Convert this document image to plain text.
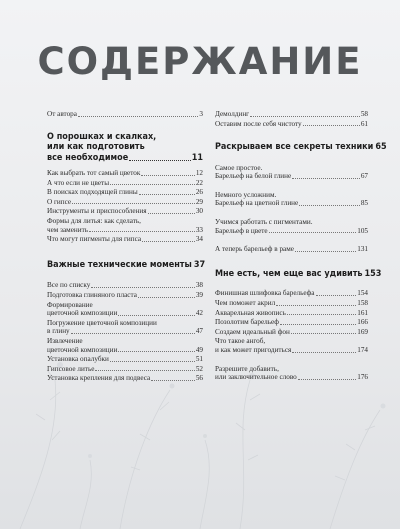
СОДЕРЖАНИЕ
От автора	3
О порошках и скалках,
или как подготовить
все необходимое	11
Как выбрать тот самый цветок	12
А что если не цветы	22
В поисках подходящей глины	26
О гипсе	29
Инструменты и приспособления	30
Формы для литья: как сделать,
чем заменить	33
Что могут пигменты для гипса	34
Важные технические моменты 37
Все по списку	38
Подготовка глиняного пласта	39
Формирование
цветочной композиции	42
Погружение цветочной композиции
в глину	47
Извлечение
цветочной композиции	49
Установка опалубки	51
Гипсовое литье	52
Установка крепления для подвеса	56
Демолдинг	58
Оставим после себя чистоту	61
Раскрываем все секреты техники 65
Самое простое.
Барельеф на белой глине	67
Немного усложним.
Барельеф на цветной глине	85
Учимся работать с пигментами.
Барельеф в цвете	105
А теперь барельеф в раме	131
Мне есть, чем еще вас удивить 153
Финишная шлифовка барельефа	154
Чем поможет акрил	158
Акварельная живопись	161
Позолотим барельеф	166
Создаем идеальный фон	169
Что такое ангоб,
и как может пригодиться	174
Разрешите добавить,
или заключительное слово	176
